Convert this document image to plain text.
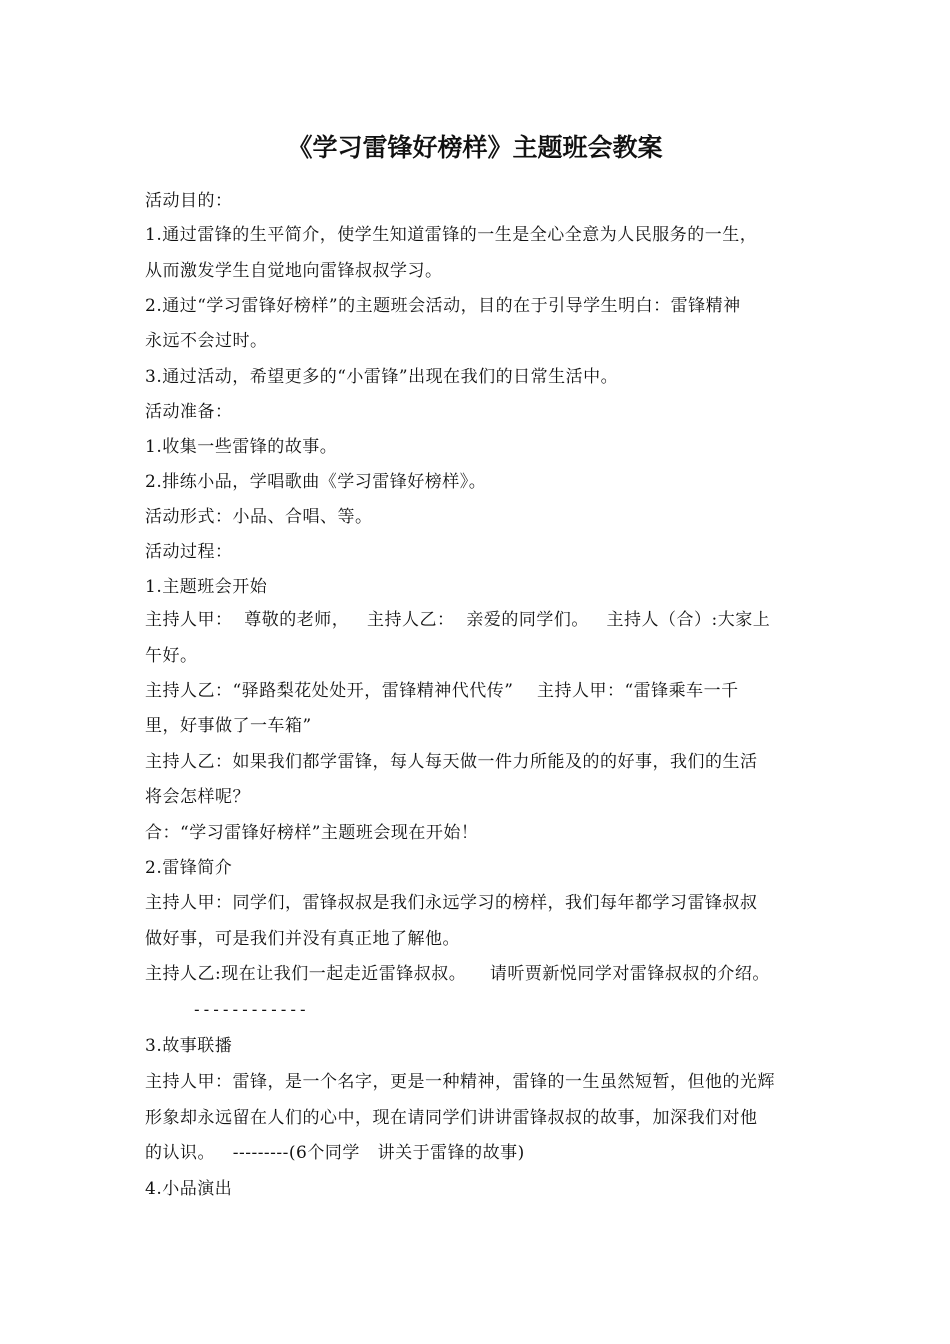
《学习雷锋好榜样》主题班会教案
活动目的：
1.通过雷锋的生平简介，使学生知道雷锋的一生是全心全意为人民服务的一生，
从而激发学生自觉地向雷锋叔叔学习。
2.通过“学习雷锋好榜样”的主题班会活动，目的在于引导学生明白：雷锋精神
永远不会过时。
3.通过活动，希望更多的“小雷锋”出现在我们的日常生活中。
活动准备：
1.收集一些雷锋的故事。
2.排练小品，学唱歌曲《学习雷锋好榜样》。
活动形式：小品、合唱、等。
活动过程：
1.主题班会开始
主持人甲：  尊敬的老师，   主持人乙：  亲爱的同学们。   主持人（合）:大家上
午好。
主持人乙：“驿路梨花处处开，雷锋精神代代传”    主持人甲：“雷锋乘车一千
里，好事做了一车箱”
主持人乙：如果我们都学雷锋，每人每天做一件力所能及的的好事，我们的生活
将会怎样呢？
合：“学习雷锋好榜样”主题班会现在开始！
2.雷锋简介
主持人甲：同学们，雷锋叔叔是我们永远学习的榜样，我们每年都学习雷锋叔叔
做好事，可是我们并没有真正地了解他。
主持人乙:现在让我们一起走近雷锋叔叔。    请听贾新悦同学对雷锋叔叔的介绍。
------------
3.故事联播
主持人甲：雷锋，是一个名字，更是一种精神，雷锋的一生虽然短暂，但他的光辉
形象却永远留在人们的心中，现在请同学们讲讲雷锋叔叔的故事，加深我们对他
的认识。   ---------(6个同学   讲关于雷锋的故事)
4.小品演出
